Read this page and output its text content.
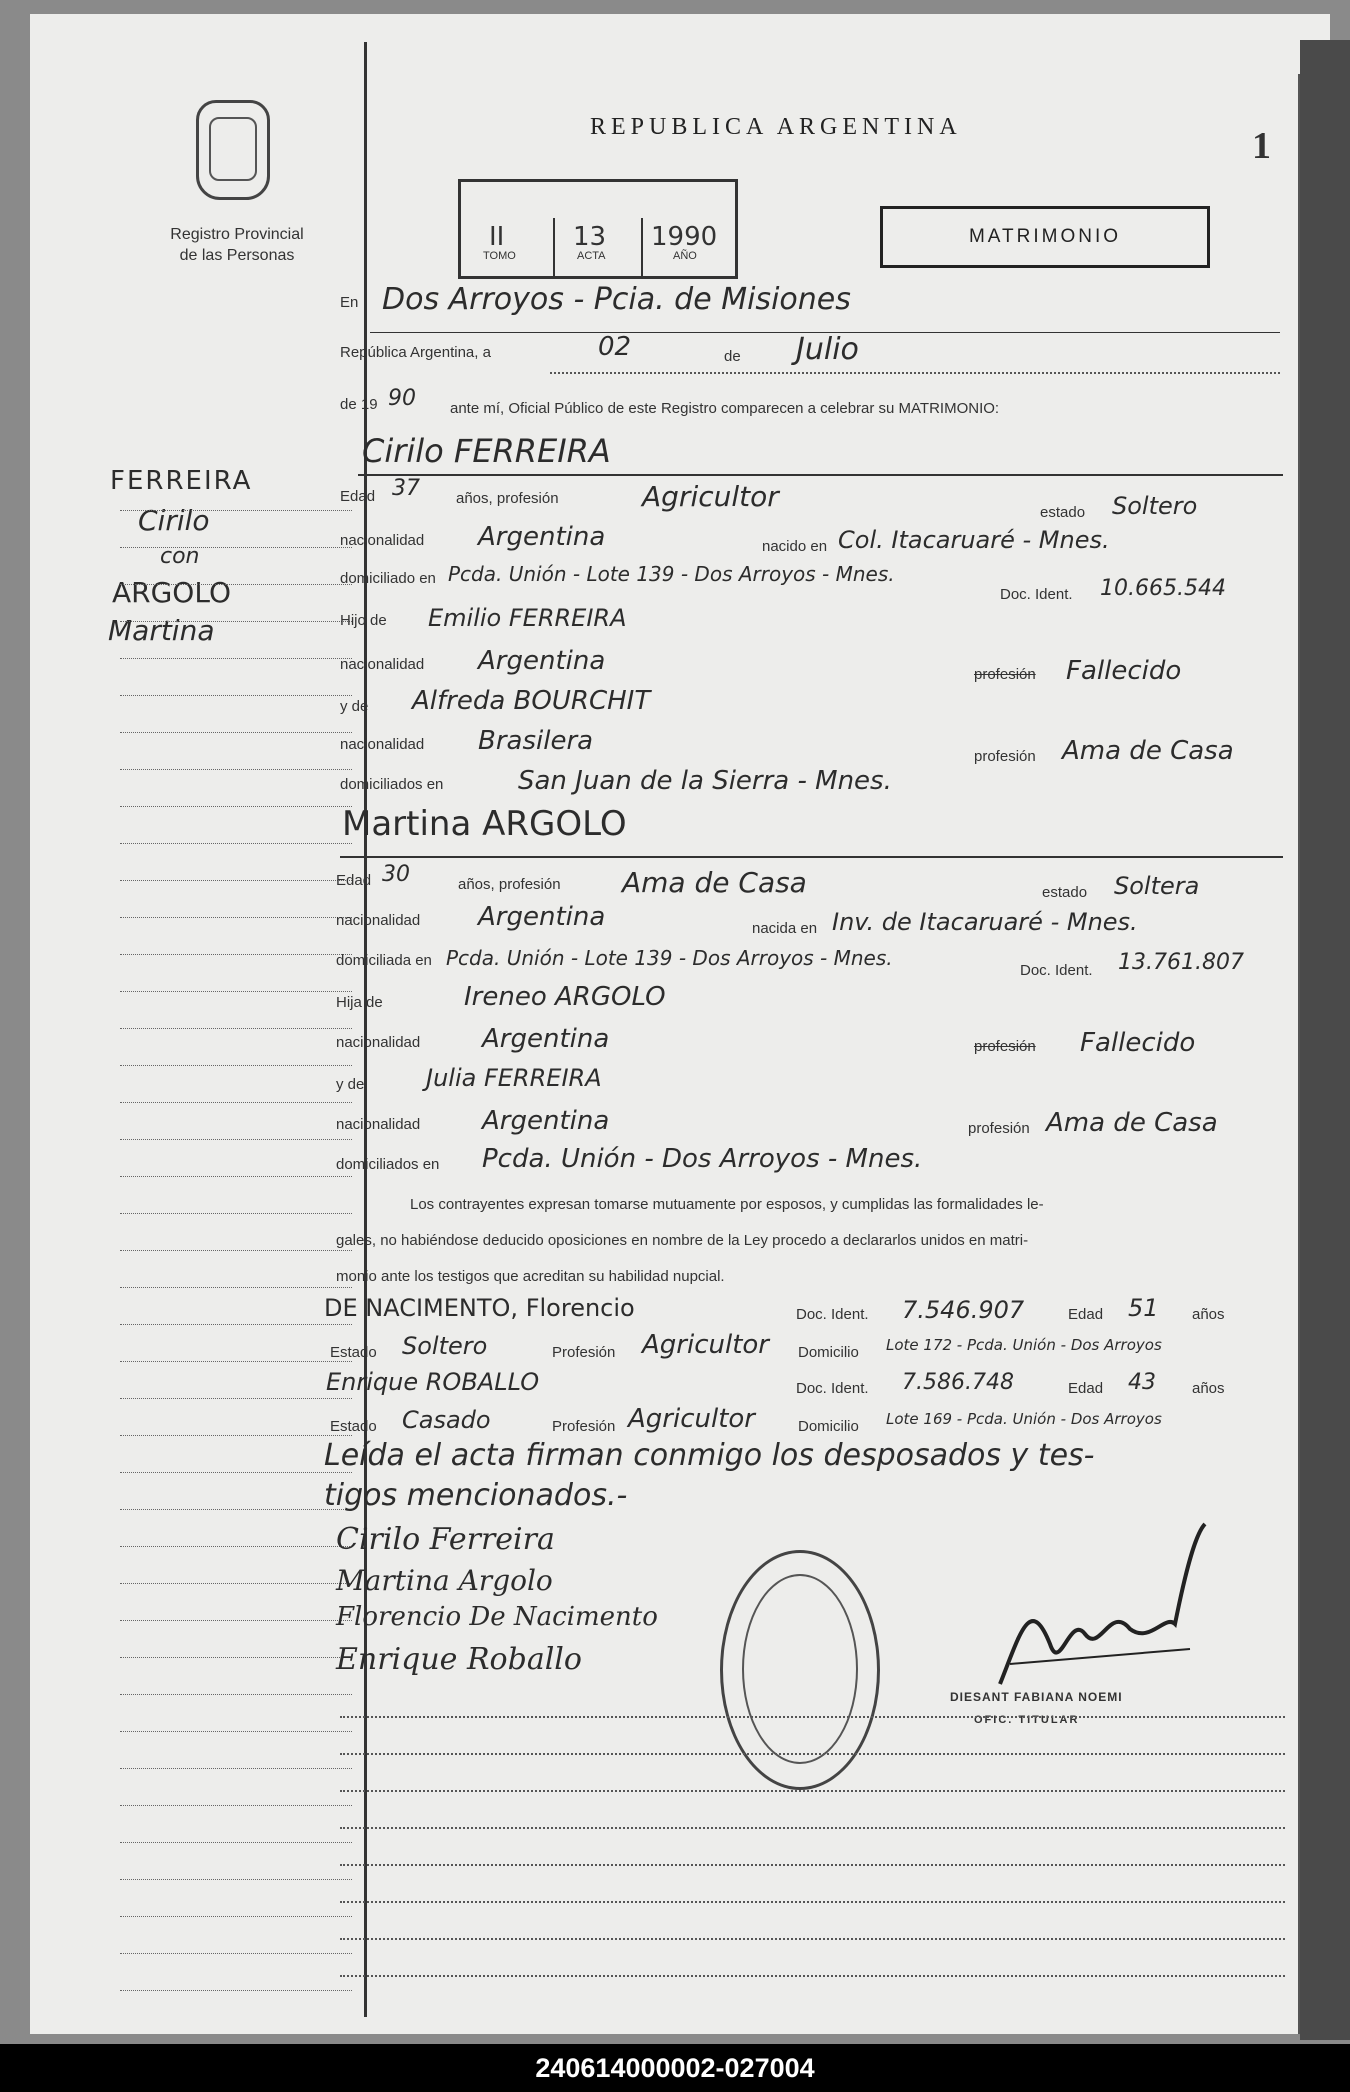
Registro Provincial
de las Personas
REPUBLICA ARGENTINA	1
II	13 1990
TOMO	ACTA	AÑO
MATRIMONIO
FERREIRA
Cirilo
con
ARGOLO
Martina
En Dos Arroyos - Pcia. de Misiones
República Argentina, a	02	de Julio
de 19 90 ante mí, Oficial Público de este Registro comparecen a celebrar su MATRIMONIO:
Cirilo FERREIRA
Edad 37 años, profesión	Agricultor	estado Soltero
nacionalidad Argentina	nacido en Col. Itacaruaré - Mnes.
domiciliado en Pcda. Unión - Lote 139 - Dos Arroyos - Mnes.
Doc. Ident. 10.665.544
Hijo de Emilio FERREIRA
nacionalidad Argentina	profesión Fallecido
y de Alfreda BOURCHIT
nacionalidad Brasilera
profesión Ama de Casa
domiciliados en	San Juan de la Sierra - Mnes.
Martina ARGOLO
Edad 30	años, profesión Ama de Casa	estado Soltera
nacionalidad Argentina	nacida en Inv. de Itacaruaré - Mnes.
domiciliada en Pcda. Unión - Lote 139 - Dos Arroyos - Mnes.
Doc. Ident. 13.761.807
Hija de	Ireneo ARGOLO
nacionalidad Argentina	profesión Fallecido
y de	Julia FERREIRA
nacionalidad Argentina	profesión Ama de Casa
domiciliados en Pcda. Unión - Dos Arroyos - Mnes.
Los contrayentes expresan tomarse mutuamente por esposos, y cumplidas las formalidades le-
gales, no habiéndose deducido oposiciones en nombre de la Ley procedo a declararlos unidos en matri-
monio ante los testigos que acreditan su habilidad nupcial.
DE NACIMENTO, Florencio	Doc. Ident. 7.546.907	Edad 51 años
Estado Soltero	Profesión Agricultor Domicilio Lote 172 - Pcda. Unión - Dos Arroyos
Enrique ROBALLO	Doc. Ident. 7.586.748	Edad 43 años
Estado Casado	Profesión Agricultor	Domicilio Lote 169 - Pcda. Unión - Dos Arroyos
Leída el acta firman conmigo los desposados y tes-
tigos mencionados.-
Cirilo Ferreira
Martina Argolo
Florencio De Nacimento
Enrique Roballo
DIESANT FABIANA NOEMI
OFIC. TITULAR
240614000002-027004
